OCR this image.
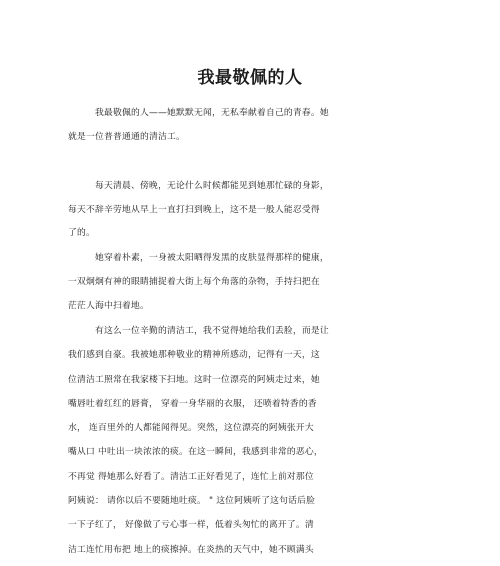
我最敬佩的人
我最敬佩的人——她默默无闻，无私奉献着自己的青春。她
就是一位普普通通的清洁工。
每天清晨、傍晚，无论什么时候都能见到她那忙碌的身影，
每天不辞辛劳地从早上一直打扫到晚上，这不是一般人能忍受得
了的。
她穿着朴素，一身被太阳晒得发黑的皮肤显得那样的健康，
一双炯炯有神的眼睛捕捉着大街上每个角落的杂物，手持扫把在
茫茫人海中扫着地。
有这么一位辛勤的清洁工，我不觉得她给我们丢脸，而是让
我们感到自豪。我被她那种敬业的精神所感动，记得有一天，这
位清洁工照常在我家楼下扫地。这时一位漂亮的阿姨走过来，她
嘴唇吐着红红的唇膏， 穿着一身华丽的衣服， 还喷着特香的香
水， 连百里外的人都能闻得见。突然，这位漂亮的阿姨张开大
嘴从口 中吐出一块浓浓的痰。在这一瞬间，我感到非常的恶心，
不再觉 得她那么好看了。清洁工正好看见了，连忙上前对那位
阿姨说： 请你以后不要随地吐痰。 " 这位阿姨听了这句话后脸
一下子红了， 好像做了亏心事一样，低着头匆忙的离开了。清
洁工连忙用布把 地上的痰擦掉。在炎热的天气中，她不顾满头
